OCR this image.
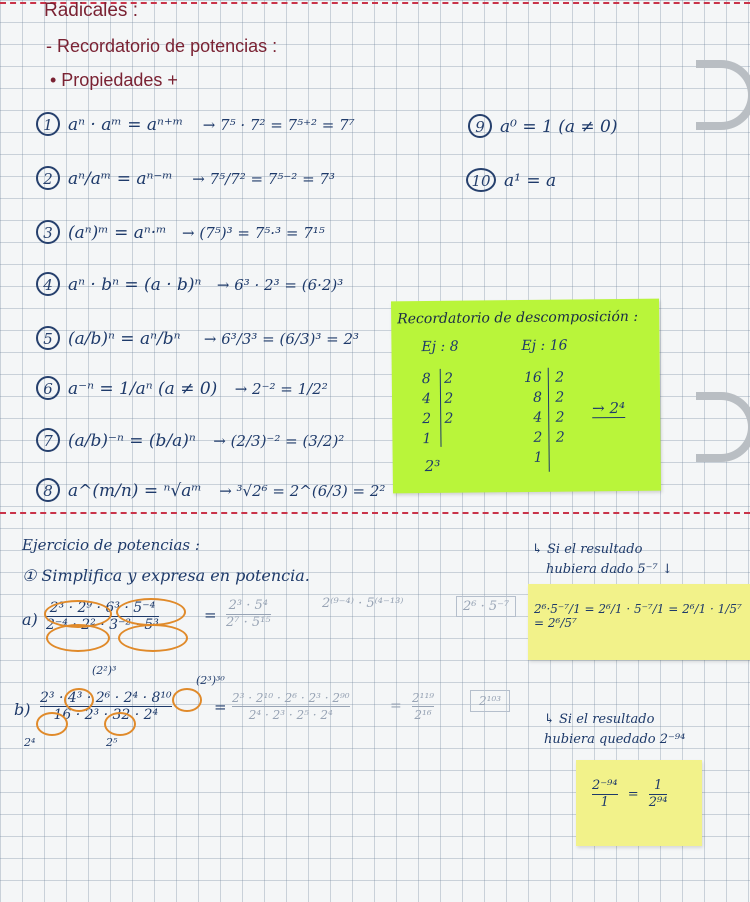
Radicales :
- Recordatorio de potencias :
• Propiedades +
1 aⁿ · aᵐ = aⁿ⁺ᵐ → 7⁵ · 7² = 7⁵⁺² = 7⁷	9 a⁰ = 1 (a ≠ 0)
2 aⁿ/aᵐ = aⁿ⁻ᵐ → 7⁵/7² = 7⁵⁻² = 7³	10 a¹ = a
3 (aⁿ)ᵐ = aⁿ·ᵐ → (7⁵)³ = 7⁵·³ = 7¹⁵
4 aⁿ · bⁿ = (a · b)ⁿ → 6³ · 2³ = (6·2)³
5 (a/b)ⁿ = aⁿ/bⁿ → 6³/3³ = (6/3)³ = 2³
6 a⁻ⁿ = 1/aⁿ (a ≠ 0) → 2⁻² = 1/2²
7 (a/b)⁻ⁿ = (b/a)ⁿ → (2/3)⁻² = (3/2)²
8 a^(m/n) = ⁿ√aᵐ → ³√2⁶ = 2^(6/3) = 2²
Recordatorio de descomposición :
Ej : 8	Ej : 16
8 2
4 2
2 2
1
2³
16 2
8 2
4 2
2 2
1
→ 2⁴
Ejercicio de potencias :
① Simplifica y expresa en potencia.
$a) \frac{\text{2³ · 2⁹ · 6³ · 5⁻⁴}}{\text{2⁻⁴ · 2² · 3⁻² · 5³}}$	= $\frac{\text{2³ · 5⁴}}{\text{2⁷ · 5¹⁵}}$	2⁽⁹⁻⁴⁾ · 5⁽⁴⁻¹³⁾	2⁶ · 5⁻⁷
(2²)³
(2³)³⁰
$b) \frac{\text{2³ · 4³ · 2⁶ · 2⁴ · 8¹⁰}}{\text{16 · 2³ · 32 · 2⁴}}$
2⁴	2⁵
= $\frac{\text{2³ · 2¹⁰ · 2⁶ · 2³ · 2⁹⁰}}{\text{2⁴ · 2³ · 2⁵ · 2⁴}}$	= $\frac{\text{2¹¹⁹}}{\text{2¹⁶}}$	2¹⁰³
↳ Si el resultado
hubiera dado 5⁻⁷ ↓
2⁶·5⁻⁷/1 = 2⁶/1 · 5⁻⁷/1 = 2⁶/1 · 1/5⁷ = 2⁶/5⁷
↳ Si el resultado
hubiera quedado 2⁻⁹⁴
$\frac{\text{2⁻⁹⁴}}{1} = \frac{1}{\text{2⁹⁴}}$
